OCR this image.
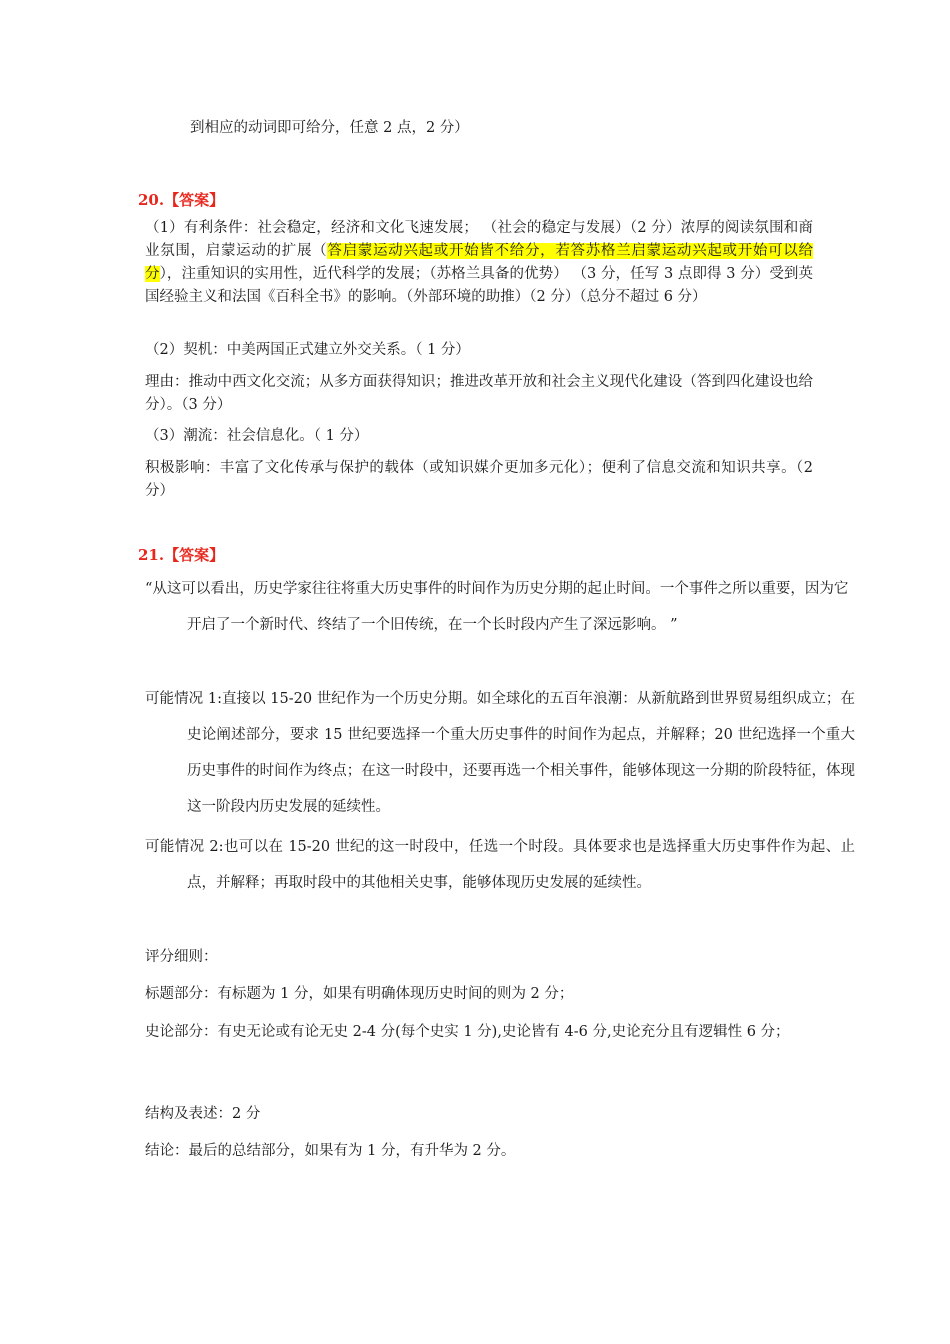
到相应的动词即可给分，任意 2 点，2 分）

20.【答案】

（1）有利条件：社会稳定，经济和文化飞速发展； （社会的稳定与发展）（2 分）浓厚的阅读氛围和商业氛围，启蒙运动的扩展（答启蒙运动兴起或开始皆不给分，若答苏格兰启蒙运动兴起或开始可以给分），注重知识的实用性，近代科学的发展；（苏格兰具备的优势） （3 分，任写 3 点即得 3 分）受到英国经验主义和法国《百科全书》的影响。（外部环境的助推）（2 分）（总分不超过 6 分）

（2）契机：中美两国正式建立外交关系。（ 1 分）

理由：推动中西文化交流；从多方面获得知识；推进改革开放和社会主义现代化建设（答到四化建设也给分）。（3 分）

（3）潮流：社会信息化。（ 1 分）

积极影响：丰富了文化传承与保护的载体（或知识媒介更加多元化）；便利了信息交流和知识共享。（2 分）

21.【答案】

“从这可以看出，历史学家往往将重大历史事件的时间作为历史分期的起止时间。一个事件之所以重要，因为它开启了一个新时代、终结了一个旧传统，在一个长时段内产生了深远影响。 ”

可能情况 1:直接以 15-20 世纪作为一个历史分期。如全球化的五百年浪潮：从新航路到世界贸易组织成立；在史论阐述部分，要求 15 世纪要选择一个重大历史事件的时间作为起点，并解释；20 世纪选择一个重大历史事件的时间作为终点；在这一时段中，还要再选一个相关事件，能够体现这一分期的阶段特征，体现这一阶段内历史发展的延续性。

可能情况 2:也可以在 15-20 世纪的这一时段中，任选一个时段。具体要求也是选择重大历史事件作为起、止点，并解释；再取时段中的其他相关史事，能够体现历史发展的延续性。

评分细则：

标题部分：有标题为 1 分，如果有明确体现历史时间的则为 2 分；

史论部分：有史无论或有论无史 2-4 分(每个史实 1 分),史论皆有 4-6 分,史论充分且有逻辑性 6 分；

结构及表述：2 分

结论：最后的总结部分，如果有为 1 分，有升华为 2 分。
